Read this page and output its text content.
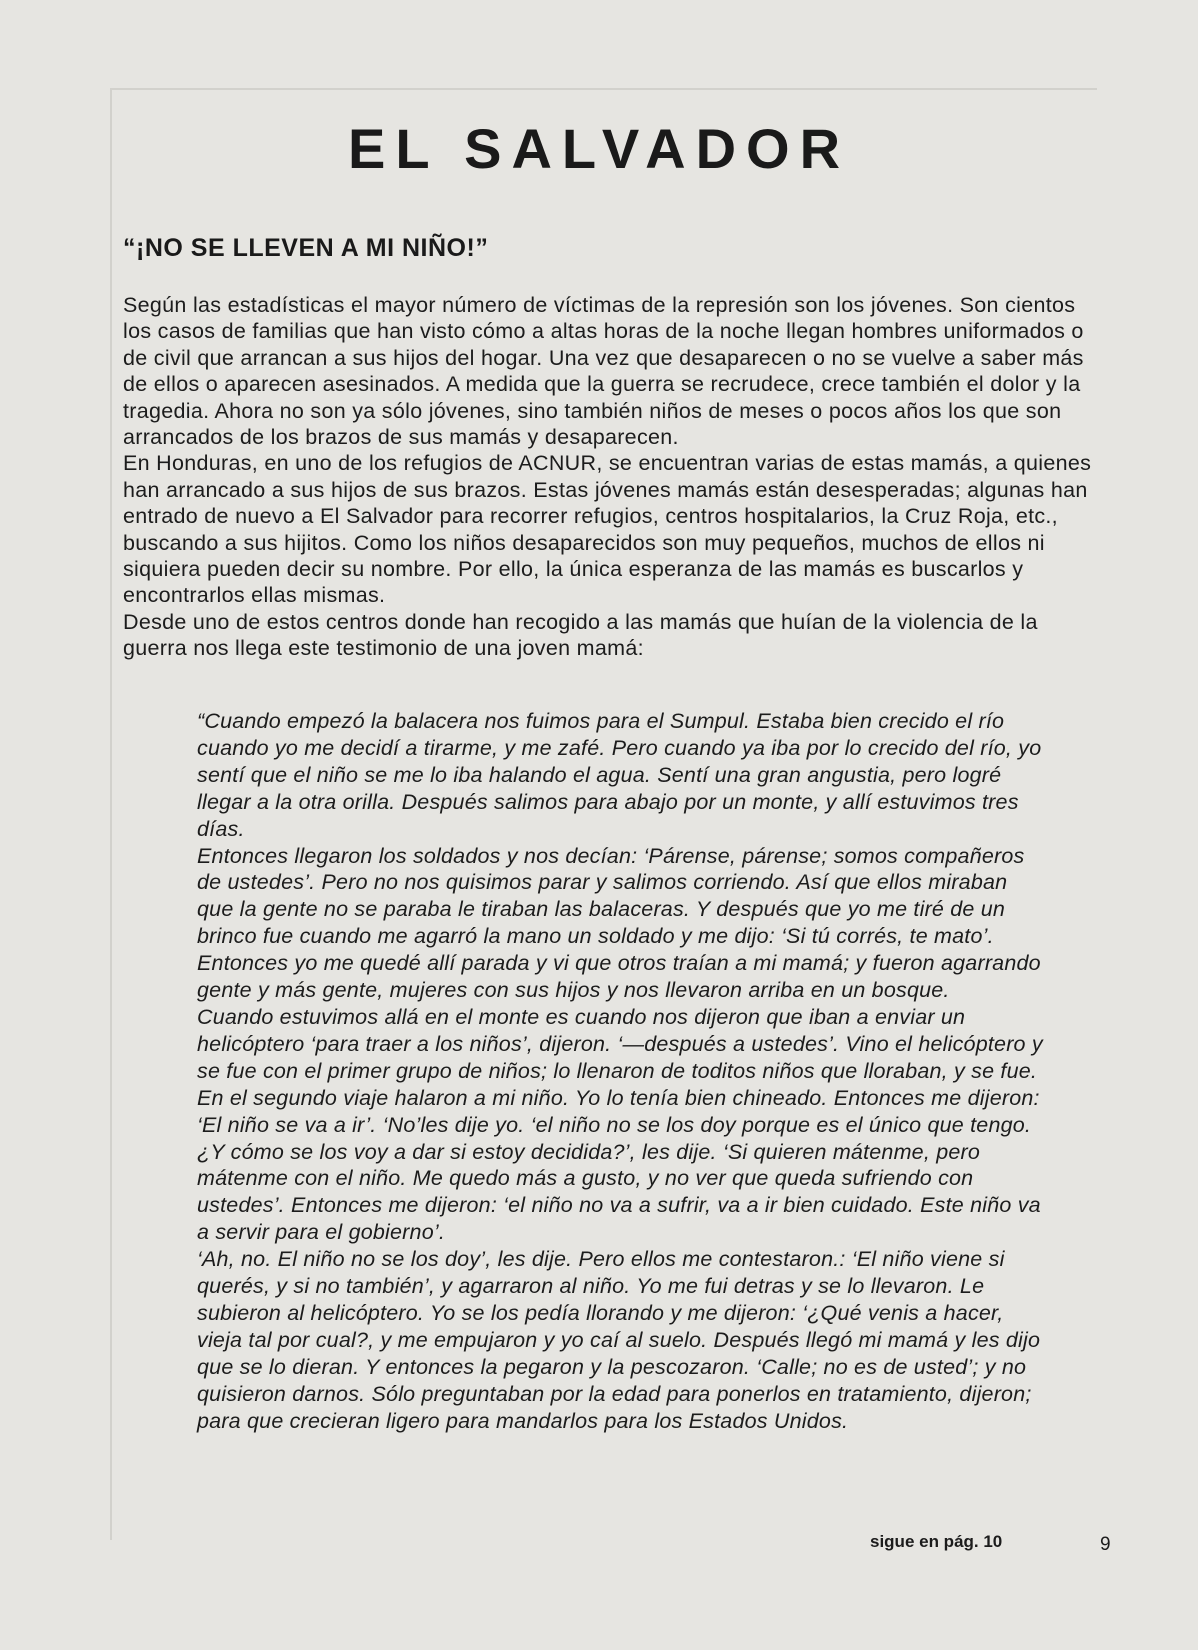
EL SALVADOR
“¡NO SE LLEVEN A MI NIÑO!”

Según las estadísticas el mayor número de víctimas de la represión son los jóvenes. Son cientos los casos de familias que han visto cómo a altas horas de la noche llegan hombres uniformados o de civil que arrancan a sus hijos del hogar. Una vez que desaparecen o no se vuelve a saber más de ellos o aparecen asesinados. A medida que la guerra se recrudece, crece también el dolor y la tragedia. Ahora no son ya sólo jóvenes, sino también niños de meses o pocos años los que son arrancados de los brazos de sus mamás y desaparecen.

En Honduras, en uno de los refugios de ACNUR, se encuentran varias de estas mamás, a quienes han arrancado a sus hijos de sus brazos. Estas jóvenes mamás están desesperadas; algunas han entrado de nuevo a El Salvador para recorrer refugios, centros hospitalarios, la Cruz Roja, etc., buscando a sus hijitos. Como los niños desaparecidos son muy pequeños, muchos de ellos ni siquiera pueden decir su nombre. Por ello, la única esperanza de las mamás es buscarlos y encontrarlos ellas mismas.

Desde uno de estos centros donde han recogido a las mamás que huían de la violencia de la guerra nos llega este testimonio de una joven mamá:

“Cuando empezó la balacera nos fuimos para el Sumpul. Estaba bien crecido el río cuando yo me decidí a tirarme, y me zafé. Pero cuando ya iba por lo crecido del río, yo sentí que el niño se me lo iba halando el agua. Sentí una gran angustia, pero logré llegar a la otra orilla. Después salimos para abajo por un monte, y allí estuvimos tres días.

Entonces llegaron los soldados y nos decían: ‘Párense, párense; somos compañeros de ustedes’. Pero no nos quisimos parar y salimos corriendo. Así que ellos miraban que la gente no se paraba le tiraban las balaceras. Y después que yo me tiré de un brinco fue cuando me agarró la mano un soldado y me dijo: ‘Si tú corrés, te mato’. Entonces yo me quedé allí parada y vi que otros traían a mi mamá; y fueron agarrando gente y más gente, mujeres con sus hijos y nos llevaron arriba en un bosque.

Cuando estuvimos allá en el monte es cuando nos dijeron que iban a enviar un helicóptero ‘para traer a los niños’, dijeron. ‘—después a ustedes’. Vino el helicóptero y se fue con el primer grupo de niños; lo llenaron de toditos niños que lloraban, y se fue.

En el segundo viaje halaron a mi niño. Yo lo tenía bien chineado. Entonces me dijeron: ‘El niño se va a ir’. ‘No’les dije yo. ‘el niño no se los doy porque es el único que tengo. ¿Y cómo se los voy a dar si estoy decidida?’, les dije. ‘Si quieren mátenme, pero mátenme con el niño. Me quedo más a gusto, y no ver que queda sufriendo con ustedes’. Entonces me dijeron: ‘el niño no va a sufrir, va a ir bien cuidado. Este niño va a servir para el gobierno’.

‘Ah, no. El niño no se los doy’, les dije. Pero ellos me contestaron.: ‘El niño viene si querés, y si no también’, y agarraron al niño. Yo me fui detras y se lo llevaron. Le subieron al helicóptero. Yo se los pedía llorando y me dijeron: ‘¿Qué venis a hacer, vieja tal por cual?, y me empujaron y yo caí al suelo. Después llegó mi mamá y les dijo que se lo dieran. Y entonces la pegaron y la pescozaron. ‘Calle; no es de usted’; y no quisieron darnos. Sólo preguntaban por la edad para ponerlos en tratamiento, dijeron; para que crecieran ligero para mandarlos para los Estados Unidos.

sigue en pág. 10	9
